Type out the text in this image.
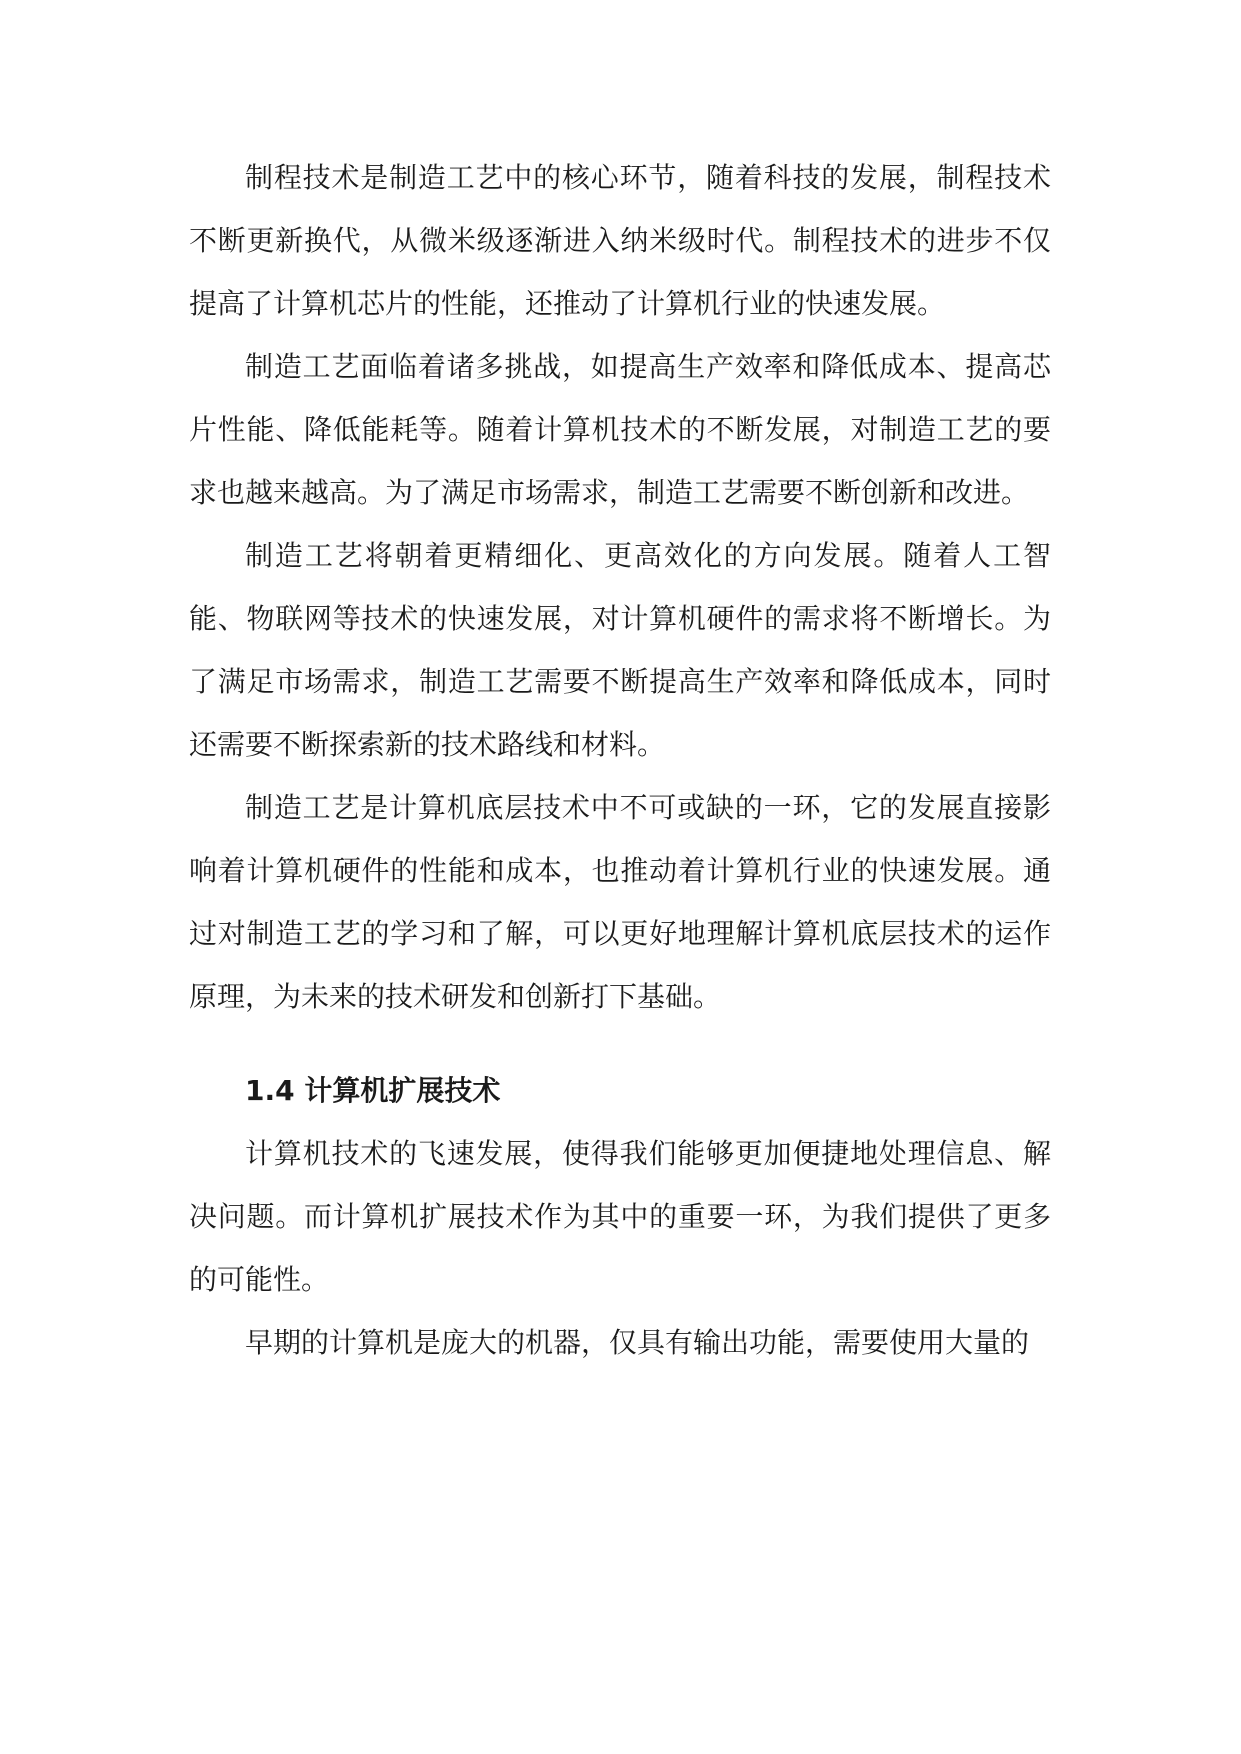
制程技术是制造工艺中的核心环节，随着科技的发展，制程技术不断更新换代，从微米级逐渐进入纳米级时代。制程技术的进步不仅提高了计算机芯片的性能，还推动了计算机行业的快速发展。

制造工艺面临着诸多挑战，如提高生产效率和降低成本、提高芯片性能、降低能耗等。随着计算机技术的不断发展，对制造工艺的要求也越来越高。为了满足市场需求，制造工艺需要不断创新和改进。

制造工艺将朝着更精细化、更高效化的方向发展。随着人工智能、物联网等技术的快速发展，对计算机硬件的需求将不断增长。为了满足市场需求，制造工艺需要不断提高生产效率和降低成本，同时还需要不断探索新的技术路线和材料。

制造工艺是计算机底层技术中不可或缺的一环，它的发展直接影响着计算机硬件的性能和成本，也推动着计算机行业的快速发展。通过对制造工艺的学习和了解，可以更好地理解计算机底层技术的运作原理，为未来的技术研发和创新打下基础。

1.4 计算机扩展技术

计算机技术的飞速发展，使得我们能够更加便捷地处理信息、解决问题。而计算机扩展技术作为其中的重要一环，为我们提供了更多的可能性。

早期的计算机是庞大的机器，仅具有输出功能，需要使用大量的
